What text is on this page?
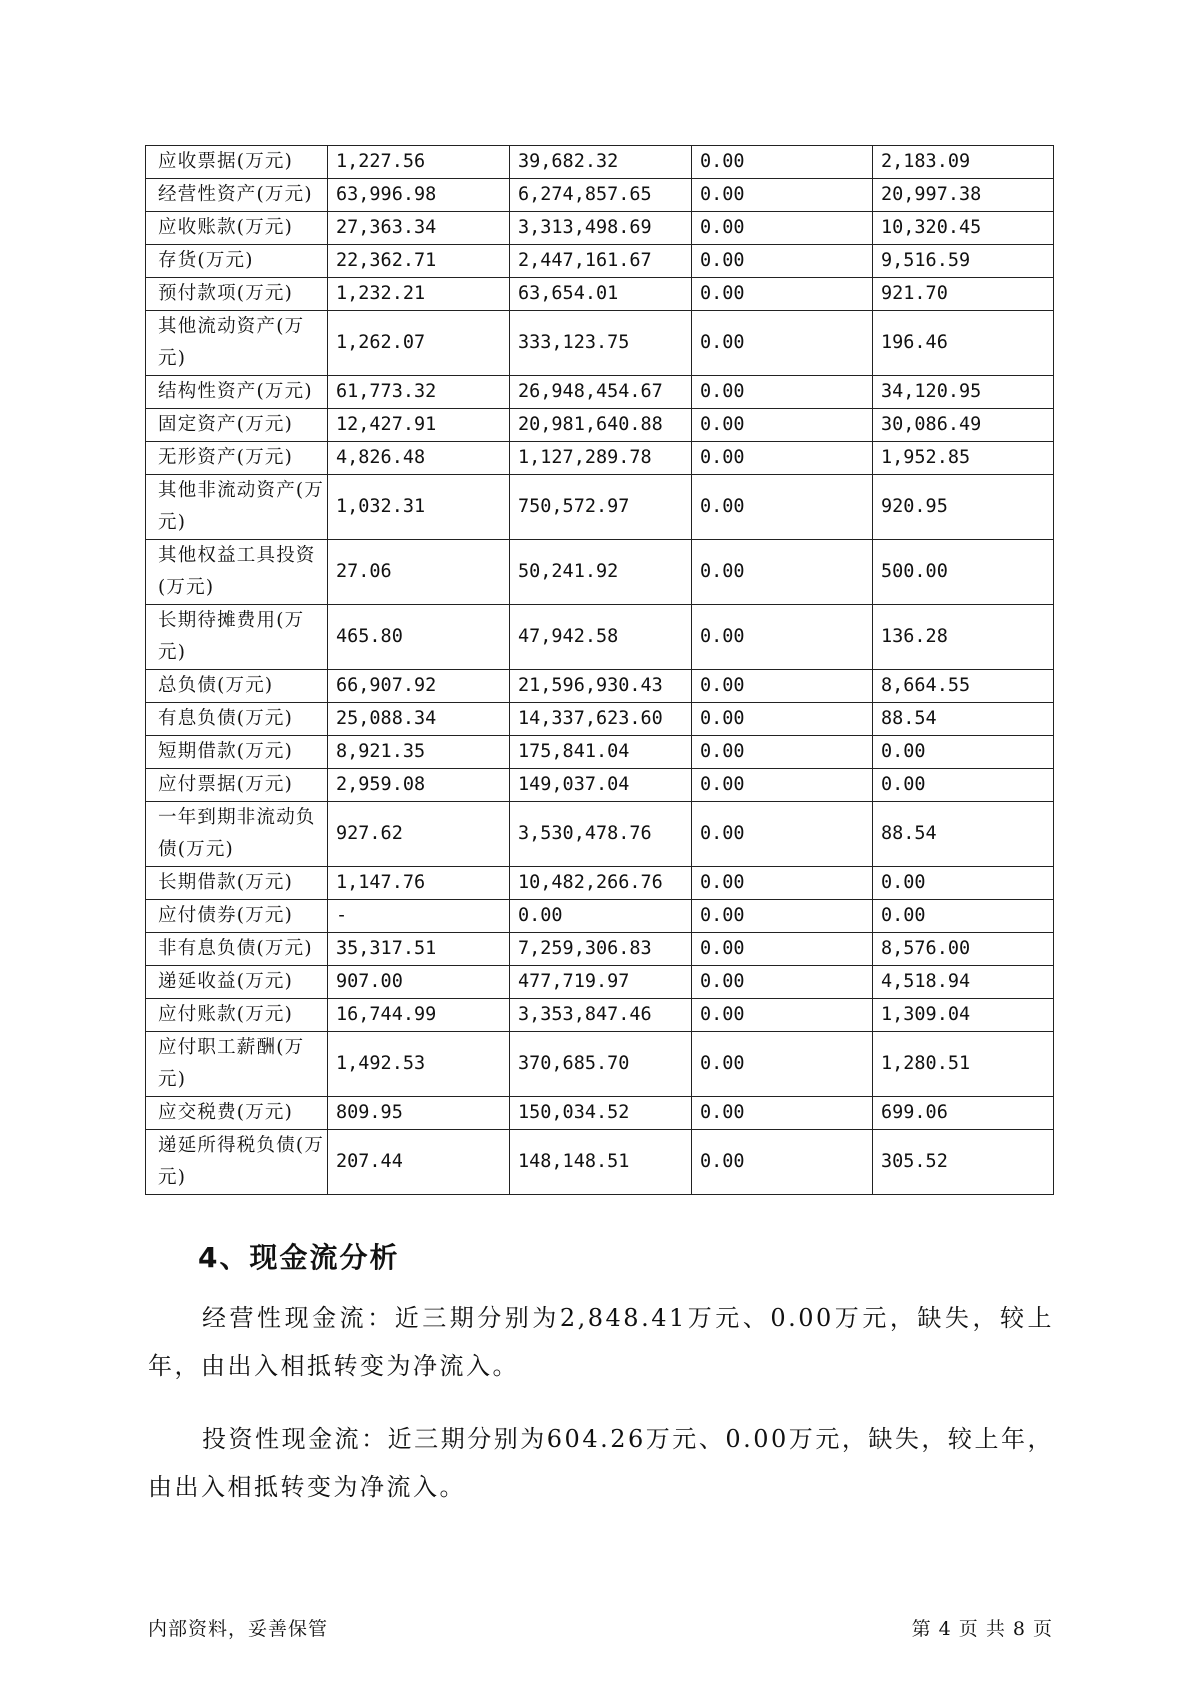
应收票据(万元)	1,227.56	39,682.32	0.00	2,183.09
经营性资产(万元)	63,996.98	6,274,857.65	0.00	20,997.38
应收账款(万元)	27,363.34	3,313,498.69	0.00	10,320.45
存货(万元)	22,362.71	2,447,161.67	0.00	9,516.59
预付款项(万元)	1,232.21	63,654.01	0.00	921.70
其他流动资产(万元)	1,262.07	333,123.75	0.00	196.46
结构性资产(万元)	61,773.32	26,948,454.67	0.00	34,120.95
固定资产(万元)	12,427.91	20,981,640.88	0.00	30,086.49
无形资产(万元)	4,826.48	1,127,289.78	0.00	1,952.85
其他非流动资产(万元)	1,032.31	750,572.97	0.00	920.95
其他权益工具投资(万元)	27.06	50,241.92	0.00	500.00
长期待摊费用(万元)	465.80	47,942.58	0.00	136.28
总负债(万元)	66,907.92	21,596,930.43	0.00	8,664.55
有息负债(万元)	25,088.34	14,337,623.60	0.00	88.54
短期借款(万元)	8,921.35	175,841.04	0.00	0.00
应付票据(万元)	2,959.08	149,037.04	0.00	0.00
一年到期非流动负债(万元)	927.62	3,530,478.76	0.00	88.54
长期借款(万元)	1,147.76	10,482,266.76	0.00	0.00
应付债券(万元)	-	0.00	0.00	0.00
非有息负债(万元)	35,317.51	7,259,306.83	0.00	8,576.00
递延收益(万元)	907.00	477,719.97	0.00	4,518.94
应付账款(万元)	16,744.99	3,353,847.46	0.00	1,309.04
应付职工薪酬(万元)	1,492.53	370,685.70	0.00	1,280.51
应交税费(万元)	809.95	150,034.52	0.00	699.06
递延所得税负债(万元)	207.44	148,148.51	0.00	305.52
4、现金流分析

经营性现金流：近三期分别为2,848.41万元、0.00万元，缺失，较上年，由出入相抵转变为净流入。

投资性现金流：近三期分别为604.26万元、0.00万元，缺失，较上年，由出入相抵转变为净流入。

内部资料，妥善保管	第 4 页 共 8 页
